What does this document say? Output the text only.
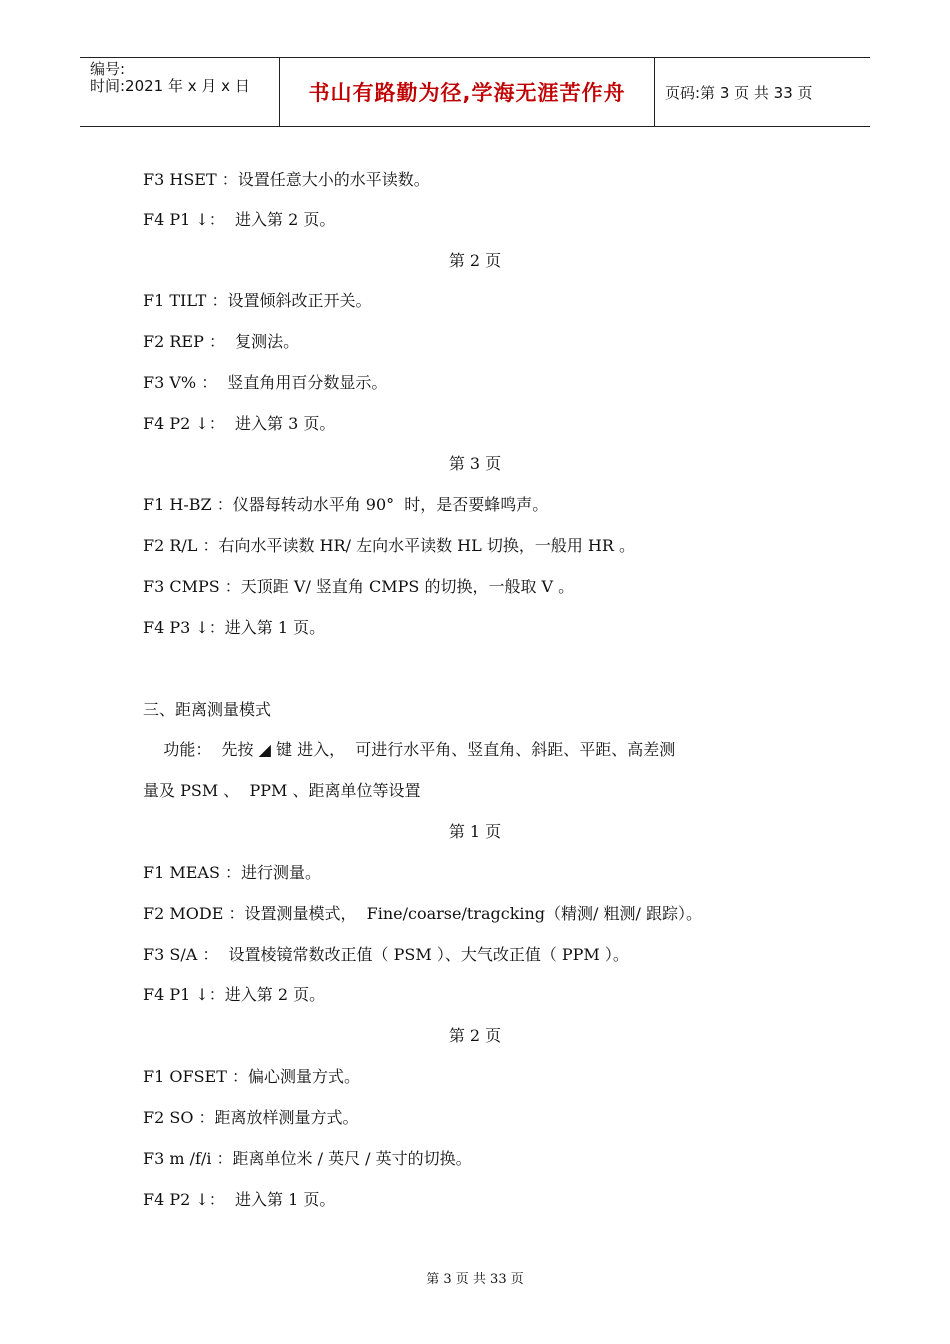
编号:
时间:2021 年 x 月 x 日	书山有路勤为径,学海无涯苦作舟	页码:第 3 页 共 33 页
F3 HSET ：设置任意大小的水平读数。
F4 P1 ↓：  进入第 2 页。
第 2 页
F1 TILT ：设置倾斜改正开关。
F2 REP ：  复测法。
F3 V% ：  竖直角用百分数显示。
F4 P2 ↓：  进入第 3 页。
第 3 页
F1 H-BZ ：仪器每转动水平角 90°  时，是否要蜂鸣声。
F2 R/L ：右向水平读数 HR/ 左向水平读数 HL 切换，一般用 HR 。
F3 CMPS ：天顶距 V/ 竖直角 CMPS 的切换，一般取 V 。
F4 P3 ↓：进入第 1 页。
三、距离测量模式
功能：  先按 ◢ 键 进入，  可进行水平角、竖直角、斜距、平距、高差测
量及 PSM 、  PPM 、距离单位等设置
第 1 页
F1 MEAS ：进行测量。
F2 MODE ：设置测量模式，  Fine/coarse/tragcking（精测/ 粗测/ 跟踪）。
F3 S/A ：  设置棱镜常数改正值（ PSM ）、大气改正值（ PPM ）。
F4 P1 ↓：进入第 2 页。
第 2 页
F1 OFSET ：偏心测量方式。
F2 SO ：距离放样测量方式。
F3 m /f/i ：距离单位米 / 英尺 / 英寸的切换。
F4 P2 ↓：  进入第 1 页。
第 3 页 共 33 页
